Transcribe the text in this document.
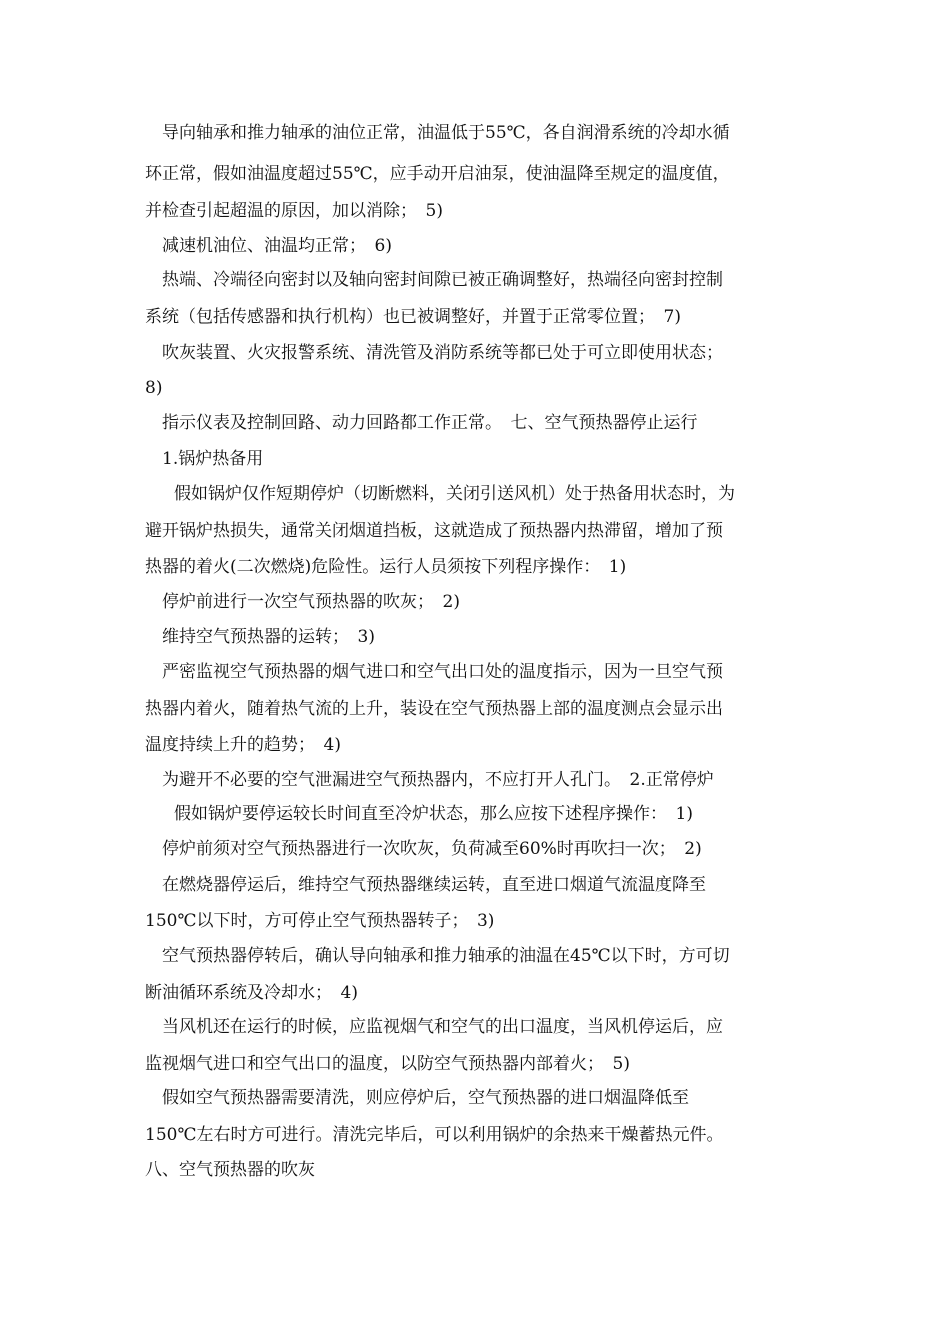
导向轴承和推力轴承的油位正常，油温低于55℃，各自润滑系统的冷却水循
环正常，假如油温度超过55℃，应手动开启油泵，使油温降至规定的温度值，
并检查引起超温的原因，加以消除；　5)
减速机油位、油温均正常；　6)
热端、冷端径向密封以及轴向密封间隙已被正确调整好，热端径向密封控制
系统（包括传感器和执行机构）也已被调整好，并置于正常零位置；　7)
吹灰装置、火灾报警系统、清洗管及消防系统等都已处于可立即使用状态；
8)
指示仪表及控制回路、动力回路都工作正常。　七、空气预热器停止运行
1.锅炉热备用
假如锅炉仅作短期停炉（切断燃料，关闭引送风机）处于热备用状态时，为
避开锅炉热损失，通常关闭烟道挡板，这就造成了预热器内热滞留，增加了预
热器的着火(二次燃烧)危险性。运行人员须按下列程序操作：　1)
停炉前进行一次空气预热器的吹灰；　2)
维持空气预热器的运转；　3)
严密监视空气预热器的烟气进口和空气出口处的温度指示，因为一旦空气预
热器内着火，随着热气流的上升，装设在空气预热器上部的温度测点会显示出
温度持续上升的趋势；　4)
为避开不必要的空气泄漏进空气预热器内，不应打开人孔门。　2.正常停炉
假如锅炉要停运较长时间直至冷炉状态，那么应按下述程序操作：　1)
停炉前须对空气预热器进行一次吹灰，负荷减至60%时再吹扫一次；　2)
在燃烧器停运后，维持空气预热器继续运转，直至进口烟道气流温度降至
150℃以下时，方可停止空气预热器转子；　3)
空气预热器停转后，确认导向轴承和推力轴承的油温在45℃以下时，方可切
断油循环系统及冷却水；　4)
当风机还在运行的时候，应监视烟气和空气的出口温度，当风机停运后，应
监视烟气进口和空气出口的温度，以防空气预热器内部着火；　5)
假如空气预热器需要清洗，则应停炉后，空气预热器的进口烟温降低至
150℃左右时方可进行。清洗完毕后，可以利用锅炉的余热来干燥蓄热元件。
八、空气预热器的吹灰
